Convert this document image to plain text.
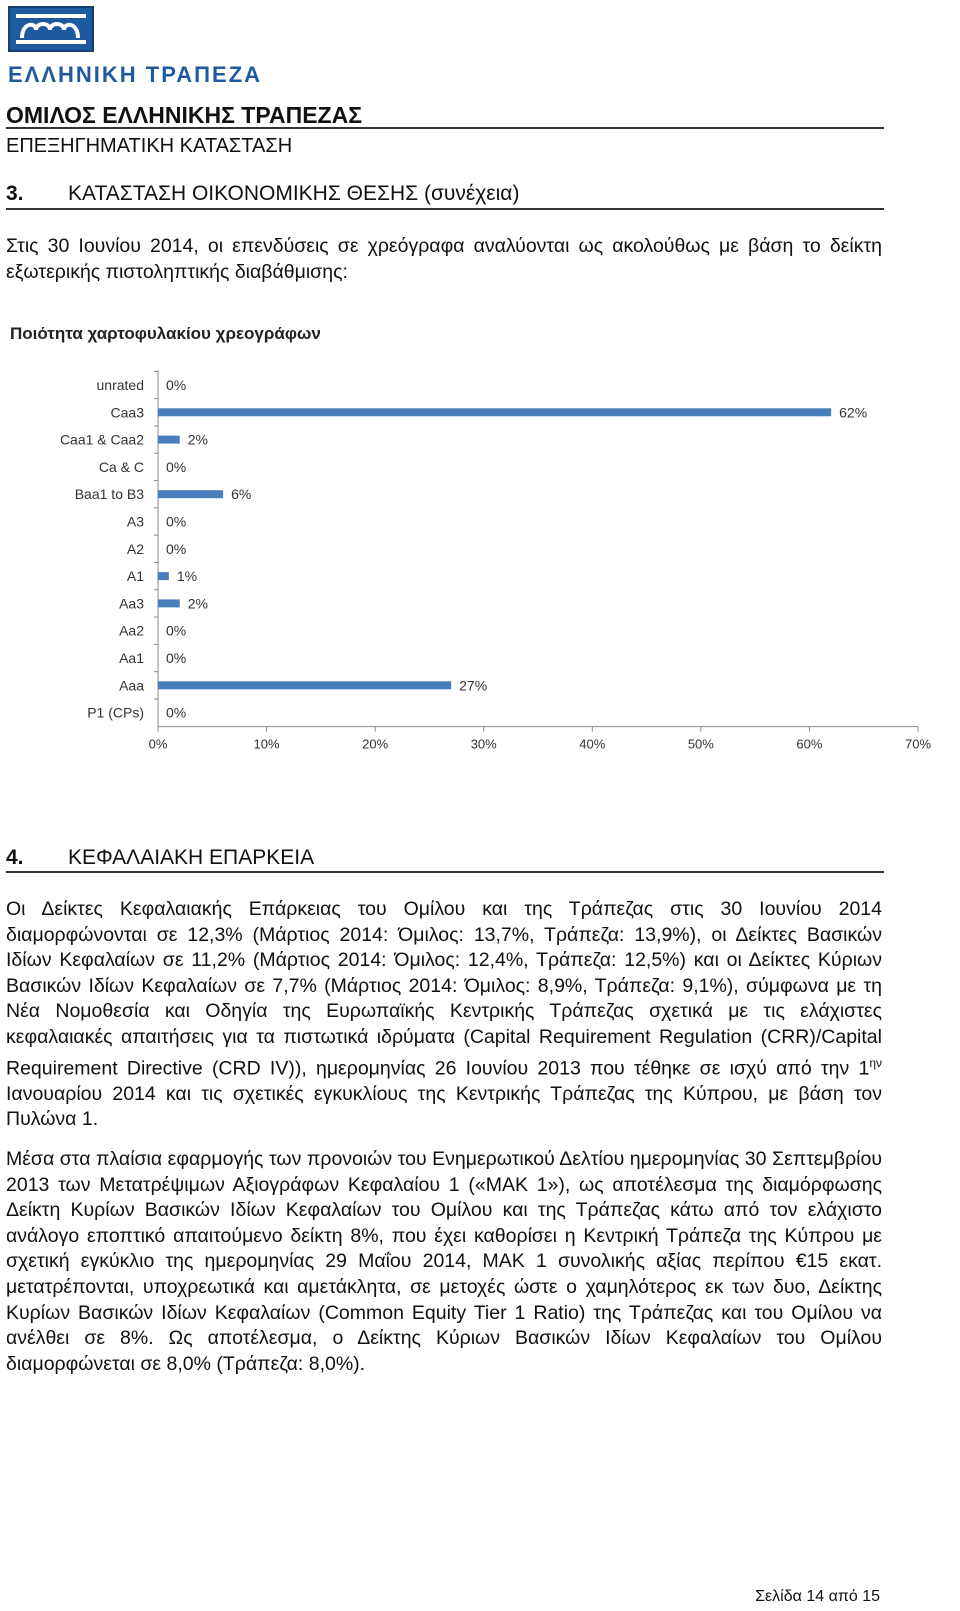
ΕΛΛΗΝΙΚΗ ΤΡΑΠΕΖΑ
ΟΜΙΛΟΣ ΕΛΛΗΝΙΚΗΣ ΤΡΑΠΕΖΑΣ
ΕΠΕΞΗΓΗΜΑΤΙΚΗ ΚΑΤΑΣΤΑΣΗ
3. ΚΑΤΑΣΤΑΣΗ ΟΙΚΟΝΟΜΙΚΗΣ ΘΕΣΗΣ (συνέχεια)
Στις 30 Ιουνίου 2014, οι επενδύσεις σε χρεόγραφα αναλύονται ως ακολούθως με βάση το δείκτη εξωτερικής πιστοληπτικής διαβάθμισης:
Ποιότητα χαρτοφυλακίου χρεογράφων
unrated 0%
Caa3	62%
Caa1 & Caa2	2%
Ca & C 0%
Baa1 to B3	6%
A3 0%
A2 0%
A1 1%
Aa3	2%
Aa2 0%
Aa1 0%
Aaa	27%
P1 (CPs) 0%
0%	10%	20%	30%	40%	50%	60%	70%
4. ΚΕΦΑΛΑΙΑΚΗ ΕΠΑΡΚΕΙΑ
Οι Δείκτες Κεφαλαιακής Επάρκειας του Ομίλου και της Τράπεζας στις 30 Ιουνίου 2014 διαμορφώνονται σε 12,3% (Μάρτιος 2014: Όμιλος: 13,7%, Τράπεζα: 13,9%), οι Δείκτες Βασικών Ιδίων Κεφαλαίων σε 11,2% (Μάρτιος 2014: Όμιλος: 12,4%, Τράπεζα: 12,5%) και οι Δείκτες Κύριων Βασικών Ιδίων Κεφαλαίων σε 7,7% (Μάρτιος 2014: Όμιλος: 8,9%, Τράπεζα: 9,1%), σύμφωνα με τη Νέα Νομοθεσία και Οδηγία της Ευρωπαϊκής Κεντρικής Τράπεζας σχετικά με τις ελάχιστες κεφαλαιακές απαιτήσεις για τα πιστωτικά ιδρύματα (Capital Requirement Regulation (CRR)/Capital Requirement Directive (CRD IV)), ημερομηνίας 26 Ιουνίου 2013 που τέθηκε σε ισχύ από την $1^{\eta\nu}$ Ιανουαρίου 2014 και τις σχετικές εγκυκλίους της Κεντρικής Τράπεζας της Κύπρου, με βάση τον Πυλώνα 1.
Μέσα στα πλαίσια εφαρμογής των προνοιών του Ενημερωτικού Δελτίου ημερομηνίας 30 Σεπτεμβρίου 2013 των Μετατρέψιμων Αξιογράφων Κεφαλαίου 1 («ΜΑΚ 1»), ως αποτέλεσμα της διαμόρφωσης Δείκτη Κυρίων Βασικών Ιδίων Κεφαλαίων του Ομίλου και της Τράπεζας κάτω από τον ελάχιστο ανάλογο εποπτικό απαιτούμενο δείκτη 8%, που έχει καθορίσει η Κεντρική Τράπεζα της Κύπρου με σχετική εγκύκλιο της ημερομηνίας 29 Μαΐου 2014, ΜΑΚ 1 συνολικής αξίας περίπου €15 εκατ. μετατρέπονται, υποχρεωτικά και αμετάκλητα, σε μετοχές ώστε ο χαμηλότερος εκ των δυο, Δείκτης Κυρίων Βασικών Ιδίων Κεφαλαίων (Common Equity Tier 1 Ratio) της Τράπεζας και του Ομίλου να ανέλθει σε 8%. Ως αποτέλεσμα, ο Δείκτης Κύριων Βασικών Ιδίων Κεφαλαίων του Ομίλου διαμορφώνεται σε 8,0% (Τράπεζα: 8,0%).
Σελίδα 14 από 15
